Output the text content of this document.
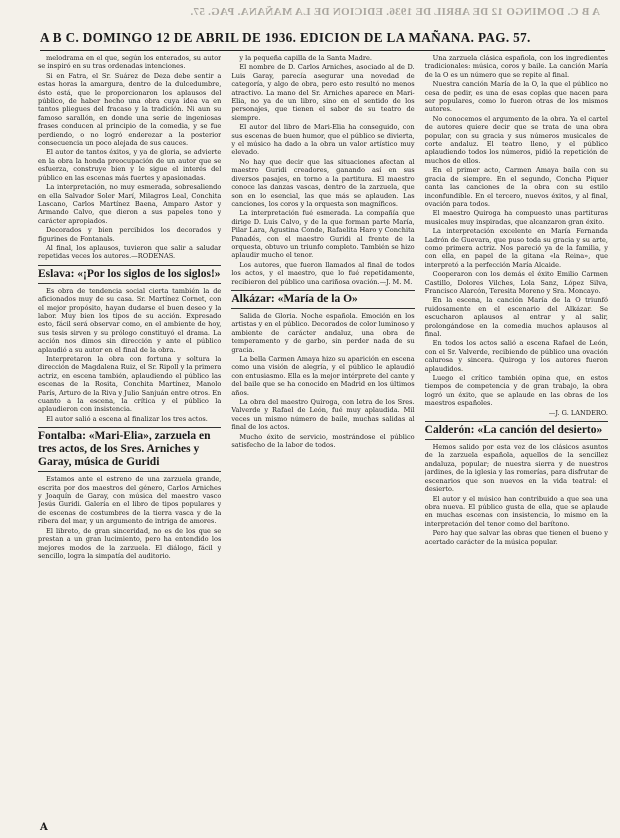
A B C. DOMINGO 12 DE ABRIL DE 1936. EDICION DE LA MAÑANA. PAG. 57.
A B C. DOMINGO 12 DE ABRIL DE 1936. EDICION DE LA MAÑANA. PAG. 57.

melodrama en el que, según los enterados, su autor se inspiró en su tras ordenadas intenciones.

Si en Fatra, el Sr. Suárez de Deza debe sentir a estas horas la amargura, dentro de la dulcedumbre, ésto está, que le proporcionaron los aplausos del público, de haber hecho una obra cuya idea va en tantos pliegues del fracaso y la tradición. Ni aun su famoso sarallón, en donde una serie de ingeniosas frases conducen al principio de la comedia, y se fue perdiendo, o no logró enderezar a la posterior consecuencia un poco alejada de sus cauces.

El autor de tantos éxitos, y ya de gloria, se advierte en la obra la honda preocupación de un autor que se esfuerza, construye bien y le sigue el interés del público en las escenas más fuertes y apasionadas.

La interpretación, no muy esmerada, sobresaliendo en ella Salvador Soler Marí, Milagros Leal, Conchita Lascano, Carlos Martínez Baena, Amparo Astor y Armando Calvo, que dieron a sus papeles tono y carácter apropiados.

Decorados y bien percibidos los decorados y figurines de Fontanals.

Al final, los aplausos, tuvieron que salir a saludar repetidas veces los autores.—RODENAS.

Eslava: «¡Por los siglos de los siglos!»

Es obra de tendencia social cierta también la de aficionados muy de su casa. Sr. Martínez Cornet, con el mejor propósito, hayan dudarse el buen deseo y la labor. Muy bien los tipos de su acción. Expresado esto, fácil será observar como, en el ambiente de hoy, sus tesis sirven y su prólogo constituyó el drama. La acción nos dimos sin dirección y ante el público aplaudió a su autor en el final de la obra.

Interpretaron la obra con fortuna y soltura la dirección de Magdalena Ruiz, el Sr. Ripoll y la primera actriz, en escena también, aplaudiendo el público las escenas de la Rosita, Conchita Martínez, Manolo París, Arturo de la Riva y Julio Sanjuán entre otros. En cuanto a la escena, la crítica y el público la aplaudieron con insistencia.

El autor salió a escena al finalizar los tres actos.

Fontalba: «Mari-Elia», zarzuela en tres actos, de los Sres. Arniches y Garay, música de Guridi

Estamos ante el estreno de una zarzuela grande, escrita por dos maestros del género, Carlos Arniches y Joaquín de Garay, con música del maestro vasco Jesús Guridi. Galería en el libro de tipos populares y de escenas de costumbres de la tierra vasca y de la ribera del mar, y un argumento de intriga de amores.

El libreto, de gran sinceridad, no es de los que se prestan a un gran lucimiento, pero ha entendido los mejores modos de la zarzuela. El diálogo, fácil y sencillo, logra la simpatía del auditorio.

y la pequeña capilla de la Santa Madre.

El nombre de D. Carlos Arniches, asociado al de D. Luis Garay, parecía asegurar una novedad de categoría, y algo de obra, pero esto resultó no menos atractivo. La mano del Sr. Arniches aparece en Mari-Elia, no ya de un libro, sino en el sentido de los personajes, que tienen el sabor de su teatro de siempre.

El autor del libro de Mari-Elia ha conseguido, con sus escenas de buen humor, que el público se divierta, y el músico ha dado a la obra un valor artístico muy elevado.

No hay que decir que las situaciones afectan al maestro Guridi creadores, ganando así en sus diversos pasajes, en torno a la partitura. El maestro conoce las danzas vascas, dentro de la zarzuela, que son en lo esencial, las que más se aplauden. Las canciones, los coros y la orquesta son magníficos.

La interpretación fué esmerada. La compañía que dirige D. Luis Calvo, y de la que forman parte María, Pilar Lara, Agustina Conde, Rafaelita Haro y Conchita Panadés, con el maestro Guridi al frente de la orquesta, obtuvo un triunfo completo. También se hizo aplaudir mucho el tenor.

Los autores, que fueron llamados al final de todos los actos, y el maestro, que lo fué repetidamente, recibieron del público una cariñosa ovación.—J. M. M.

Alkázar: «María de la O»

Salida de Gloria. Noche española. Emoción en los artistas y en el público. Decorados de color luminoso y ambiente de carácter andaluz, una obra de temperamento y de garbo, sin perder nada de su gracia.

La bella Carmen Amaya hizo su aparición en escena como una visión de alegría, y el público le aplaudió con entusiasmo. Ella es la mejor intérprete del cante y del baile que se ha conocido en Madrid en los últimos años.

La obra del maestro Quiroga, con letra de los Sres. Valverde y Rafael de León, fué muy aplaudida. Mil veces un mismo número de baile, muchas salidas al final de los actos.

Mucho éxito de servicio, mostrándose el público satisfecho de la labor de todos.

Una zarzuela clásica española, con los ingredientes tradicionales: música, coros y baile. La canción María de la O es un número que se repite al final.

Nuestra canción María de la O, la que el público no cesa de pedir, es una de esas coplas que nacen para ser populares, como lo fueron otras de los mismos autores.

No conocemos el argumento de la obra. Ya el cartel de autores quiere decir que se trata de una obra popular, con su gracia y sus números musicales de corte andaluz. El teatro lleno, y el público aplaudiendo todos los números, pidió la repetición de muchos de ellos.

En el primer acto, Carmen Amaya baila con su gracia de siempre. En el segundo, Concha Piquer canta las canciones de la obra con su estilo inconfundible. En el tercero, nuevos éxitos, y al final, ovación para todos.

El maestro Quiroga ha compuesto unas partituras musicales muy inspiradas, que alcanzaron gran éxito.

La interpretación excelente en María Fernanda Ladrón de Guevara, que puso toda su gracia y su arte, como primera actriz. Nos pareció ya de la familia, y con ella, en papel de la gitana «la Reina», que interpretó a la perfección María Alcaide.

Cooperaron con los demás el éxito Emilio Carmen Castillo, Dolores Vilches, Lola Sanz, López Silva, Francisco Alarcón, Teresita Moreno y Sra. Moncayo.

En la escena, la canción María de la O triunfó ruidosamente en el escenario del Alkázar. Se escucharon aplausos al entrar y al salir, prolongándose en la comedia muchos aplausos al final.

En todos los actos salió a escena Rafael de León, con el Sr. Valverde, recibiendo de público una ovación calurosa y sincera. Quiroga y los autores fueron aplaudidos.

Luego el crítico también opina que, en estos tiempos de competencia y de gran trabajo, la obra logró un éxito, que se aplaude en las obras de los maestros españoles.

—J. G. LANDERO.

Calderón: «La canción del desierto»

Hemos salido por esta vez de los clásicos asuntos de la zarzuela española, aquellos de la sencillez andaluza, popular; de nuestra sierra y de nuestros jardines, de la iglesia y las romerías, para disfrutar de escenarios que son nuevos en la vida teatral: el desierto.

El autor y el músico han contribuido a que sea una obra nueva. El público gusta de ella, que se aplaude en muchas escenas con insistencia, lo mismo en la interpretación del tenor como del barítono.

Pero hay que salvar las obras que tienen el bueno y acertado carácter de la música popular.

A
